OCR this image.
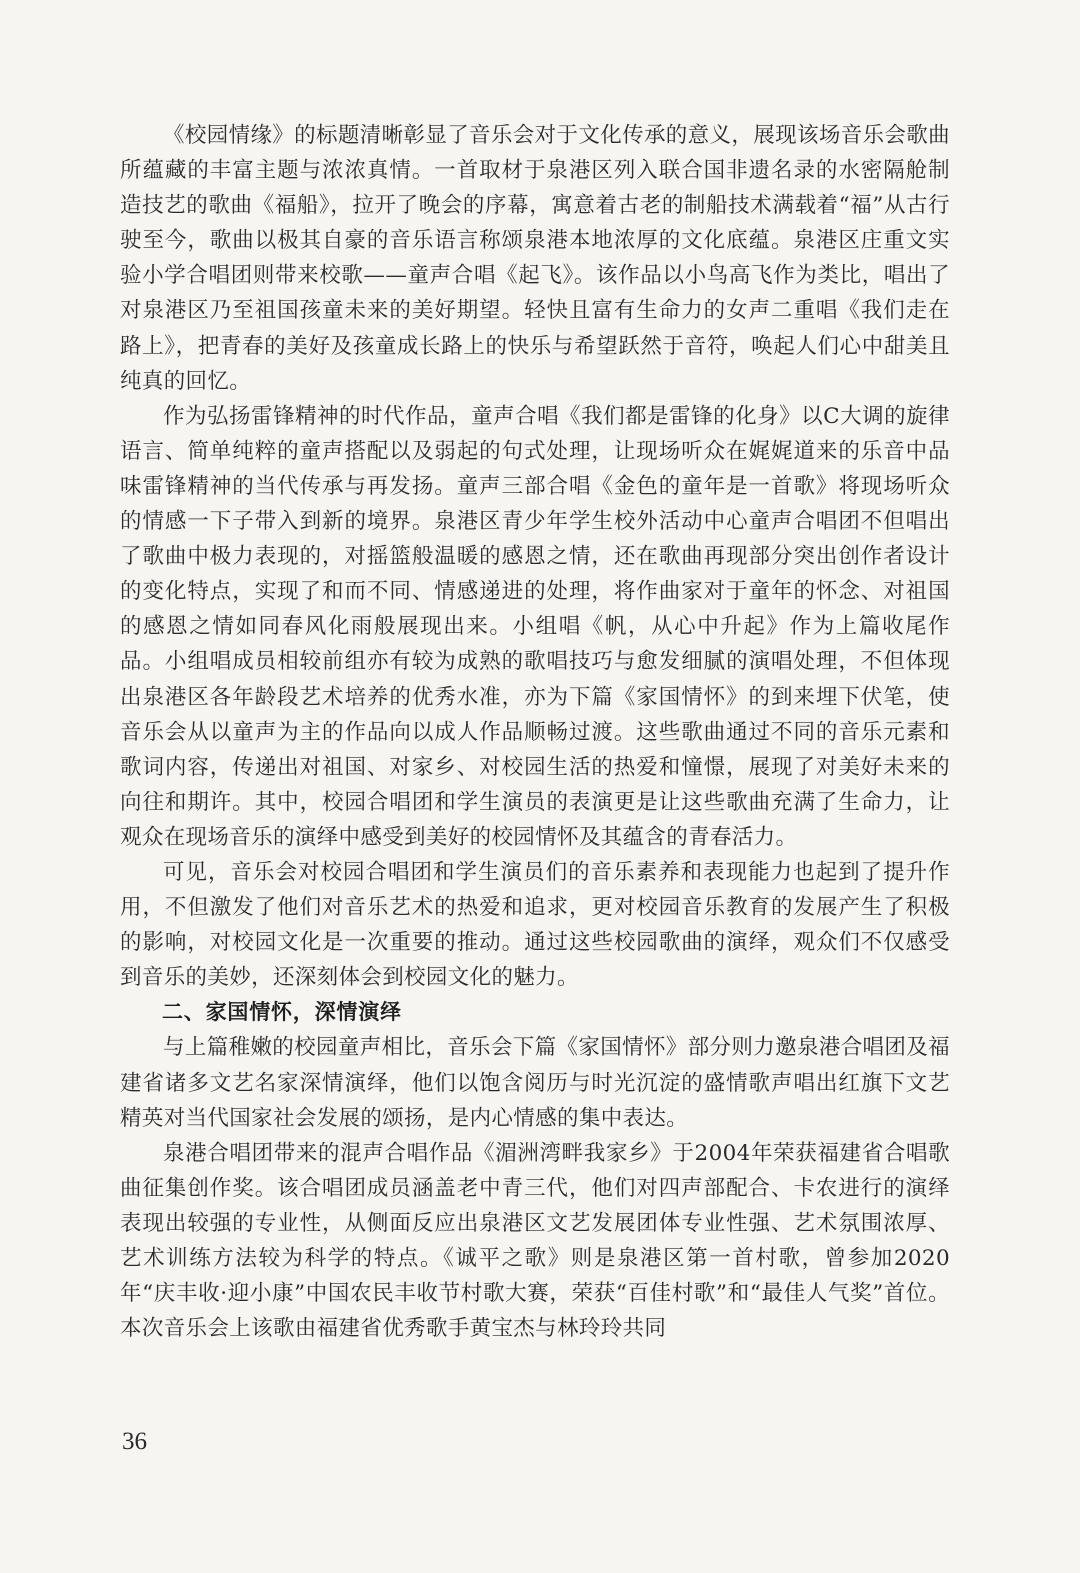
《校园情缘》的标题清晰彰显了音乐会对于文化传承的意义，展现该场音乐会歌曲所蕴藏的丰富主题与浓浓真情。一首取材于泉港区列入联合国非遗名录的水密隔舱制造技艺的歌曲《福船》，拉开了晚会的序幕，寓意着古老的制船技术满载着“福”从古行驶至今，歌曲以极其自豪的音乐语言称颂泉港本地浓厚的文化底蕴。泉港区庄重文实验小学合唱团则带来校歌——童声合唱《起飞》。该作品以小鸟高飞作为类比，唱出了对泉港区乃至祖国孩童未来的美好期望。轻快且富有生命力的女声二重唱《我们走在路上》，把青春的美好及孩童成长路上的快乐与希望跃然于音符，唤起人们心中甜美且纯真的回忆。

作为弘扬雷锋精神的时代作品，童声合唱《我们都是雷锋的化身》以C大调的旋律语言、简单纯粹的童声搭配以及弱起的句式处理，让现场听众在娓娓道来的乐音中品味雷锋精神的当代传承与再发扬。童声三部合唱《金色的童年是一首歌》将现场听众的情感一下子带入到新的境界。泉港区青少年学生校外活动中心童声合唱团不但唱出了歌曲中极力表现的，对摇篮般温暖的感恩之情，还在歌曲再现部分突出创作者设计的变化特点，实现了和而不同、情感递进的处理，将作曲家对于童年的怀念、对祖国的感恩之情如同春风化雨般展现出来。小组唱《帆，从心中升起》作为上篇收尾作品。小组唱成员相较前组亦有较为成熟的歌唱技巧与愈发细腻的演唱处理，不但体现出泉港区各年龄段艺术培养的优秀水准，亦为下篇《家国情怀》的到来埋下伏笔，使音乐会从以童声为主的作品向以成人作品顺畅过渡。这些歌曲通过不同的音乐元素和歌词内容，传递出对祖国、对家乡、对校园生活的热爱和憧憬，展现了对美好未来的向往和期许。其中，校园合唱团和学生演员的表演更是让这些歌曲充满了生命力，让观众在现场音乐的演绎中感受到美好的校园情怀及其蕴含的青春活力。

可见，音乐会对校园合唱团和学生演员们的音乐素养和表现能力也起到了提升作用，不但激发了他们对音乐艺术的热爱和追求，更对校园音乐教育的发展产生了积极的影响，对校园文化是一次重要的推动。通过这些校园歌曲的演绎，观众们不仅感受到音乐的美妙，还深刻体会到校园文化的魅力。

二、家国情怀，深情演绎

与上篇稚嫩的校园童声相比，音乐会下篇《家国情怀》部分则力邀泉港合唱团及福建省诸多文艺名家深情演绎，他们以饱含阅历与时光沉淀的盛情歌声唱出红旗下文艺精英对当代国家社会发展的颂扬，是内心情感的集中表达。

泉港合唱团带来的混声合唱作品《湄洲湾畔我家乡》于2004年荣获福建省合唱歌曲征集创作奖。该合唱团成员涵盖老中青三代，他们对四声部配合、卡农进行的演绎表现出较强的专业性，从侧面反应出泉港区文艺发展团体专业性强、艺术氛围浓厚、艺术训练方法较为科学的特点。《诚平之歌》则是泉港区第一首村歌，曾参加2020年“庆丰收·迎小康”中国农民丰收节村歌大赛，荣获“百佳村歌”和“最佳人气奖”首位。本次音乐会上该歌由福建省优秀歌手黄宝杰与林玲玲共同

36
